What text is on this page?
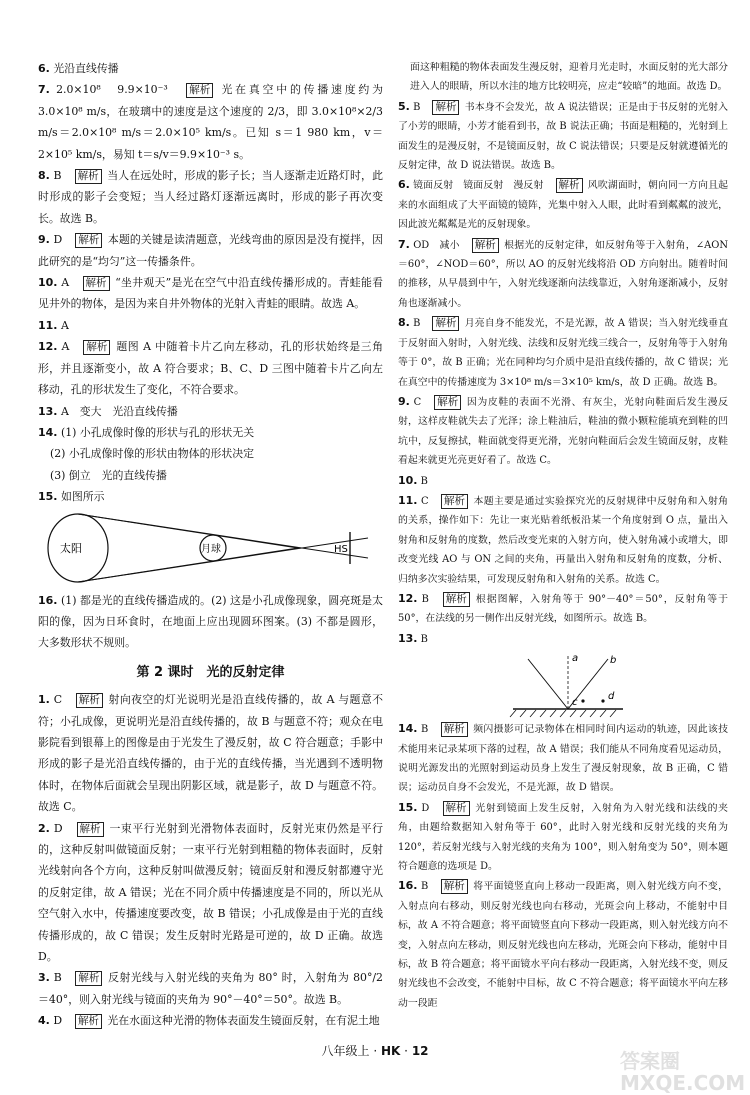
6. 光沿直线传播

7. 2.0×10⁸　9.9×10⁻³　解析 光在真空中的传播速度约为 3.0×10⁸ m/s，在玻璃中的速度是这个速度的 2/3，即 3.0×10⁸×2/3 m/s＝2.0×10⁸ m/s＝2.0×10⁵ km/s。已知 s＝1 980 km，v＝2×10⁵ km/s，易知 t＝s/v＝9.9×10⁻³ s。

8. B　解析 当人在远处时，形成的影子长；当人逐渐走近路灯时，此时形成的影子会变短；当人经过路灯逐渐远离时，形成的影子再次变长。故选 B。

9. D　解析 本题的关键是读清题意，光线弯曲的原因是没有搅拌，因此研究的是“均匀”这一传播条件。

10. A　解析 “坐井观天”是光在空气中沿直线传播形成的。青蛙能看见井外的物体，是因为来自井外物体的光射入青蛙的眼睛。故选 A。

11. A

12. A　解析 题图 A 中随着卡片乙向左移动，孔的形状始终是三角形，并且逐渐变小，故 A 符合要求；B、C、D 三图中随着卡片乙向左移动，孔的形状发生了变化，不符合要求。

13. A　变大　光沿直线传播

14. (1) 小孔成像时像的形状与孔的形状无关

(2) 小孔成像时像的形状由物体的形状决定

(3) 倒立　光的直线传播

15. 如图所示

太阳	月球	HS

16. (1) 都是光的直线传播造成的。(2) 这是小孔成像现象，圆亮斑是太阳的像，因为日环食时，在地面上应出现圆环图案。(3) 不都是圆形，大多数形状不规则。

第 2 课时　光的反射定律

1. C　解析 射向夜空的灯光说明光是沿直线传播的，故 A 与题意不符；小孔成像，更说明光是沿直线传播的，故 B 与题意不符；观众在电影院看到银幕上的图像是由于光发生了漫反射，故 C 符合题意；手影中形成的影子是光沿直线传播的，由于光的直线传播，当光遇到不透明物体时，在物体后面就会呈现出阴影区域，就是影子，故 D 与题意不符。故选 C。

2. D　解析 一束平行光射到光滑物体表面时，反射光束仍然是平行的，这种反射叫做镜面反射；一束平行光射到粗糙的物体表面时，反射光线射向各个方向，这种反射叫做漫反射；镜面反射和漫反射都遵守光的反射定律，故 A 错误；光在不同介质中传播速度是不同的，所以光从空气射入水中，传播速度要改变，故 B 错误；小孔成像是由于光的直线传播形成的，故 C 错误；发生反射时光路是可逆的，故 D 正确。故选 D。

3. B　解析 反射光线与入射光线的夹角为 80° 时，入射角为 80°/2＝40°，则入射光线与镜面的夹角为 90°－40°＝50°。故选 B。

4. D　解析 光在水面这种光滑的物体表面发生镜面反射，在有泥土地

面这种粗糙的物体表面发生漫反射，迎着月光走时，水面反射的光大部分进入人的眼睛，所以水洼的地方比较明亮，应走“较暗”的地面。故选 D。

5. B　解析 书本身不会发光，故 A 说法错误；正是由于书反射的光射入了小芳的眼睛，小芳才能看到书，故 B 说法正确；书面是粗糙的，光射到上面发生的是漫反射，不是镜面反射，故 C 说法错误；只要是反射就遵循光的反射定律，故 D 说法错误。故选 B。

6. 镜面反射　镜面反射　漫反射　解析 风吹湖面时，朝向同一方向且起来的水面组成了大平面镜的镜阵，光集中射入人眼，此时看到粼粼的波光，因此波光粼粼是光的反射现象。

7. OD　减小　解析 根据光的反射定律，如反射角等于入射角，∠AON＝60°，∠NOD＝60°，所以 AO 的反射光线将沿 OD 方向射出。随着时间的推移，从早晨到中午，入射光线逐渐向法线靠近，入射角逐渐减小，反射角也逐渐减小。

8. B　解析 月亮自身不能发光，不是光源，故 A 错误；当入射光线垂直于反射面入射时，入射光线、法线和反射光线三线合一，反射角等于入射角等于 0°，故 B 正确；光在同种均匀介质中是沿直线传播的，故 C 错误；光在真空中的传播速度为 3×10⁸ m/s＝3×10⁵ km/s，故 D 正确。故选 B。

9. C　解析 因为皮鞋的表面不光滑、有灰尘，光射向鞋面后发生漫反射，这样皮鞋就失去了光泽；涂上鞋油后，鞋油的微小颗粒能填充到鞋的凹坑中，反复擦拭，鞋面就变得更光滑，光射向鞋面后会发生镜面反射，皮鞋看起来就更光亮更好看了。故选 C。

10. B

11. C　解析 本题主要是通过实验探究光的反射规律中反射角和入射角的关系，操作如下：先让一束光贴着纸板沿某一个角度射到 O 点，量出入射角和反射角的度数，然后改变光束的入射方向，使入射角减小或增大，即改变光线 AO 与 ON 之间的夹角，再量出入射角和反射角的度数，分析、归纳多次实验结果，可发现反射角和入射角的关系。故选 C。

12. B　解析 根据图解，入射角等于 90°－40°＝50°，反射角等于 50°，在法线的另一侧作出反射光线，如图所示。故选 B。

13. B

a	b
c
d

14. B　解析 频闪摄影可记录物体在相同时间内运动的轨迹，因此该技术能用来记录某项下落的过程，故 A 错误；我们能从不同角度看见运动员，说明光源发出的光照射到运动员身上发生了漫反射现象，故 B 正确，C 错误；运动员自身不会发光，不是光源，故 D 错误。

15. D　解析 光射到镜面上发生反射，入射角为入射光线和法线的夹角，由题给数据知入射角等于 60°，此时入射光线和反射光线的夹角为 120°，若反射光线与入射光线的夹角为 100°，则入射角变为 50°，则本题符合题意的选项是 D。

16. B　解析 将平面镜竖直向上移动一段距离，则入射光线方向不变，入射点向右移动，则反射光线也向右移动，光斑会向上移动，不能射中目标，故 A 不符合题意；将平面镜竖直向下移动一段距离，则入射光线方向不变，入射点向左移动，则反射光线也向左移动，光斑会向下移动，能射中目标，故 B 符合题意；将平面镜水平向右移动一段距离，入射光线不变，则反射光线也不会改变，不能射中目标，故 C 不符合题意；将平面镜水平向左移动一段距

八年级上 · HK · 12	答案圈 MXQE.COM
